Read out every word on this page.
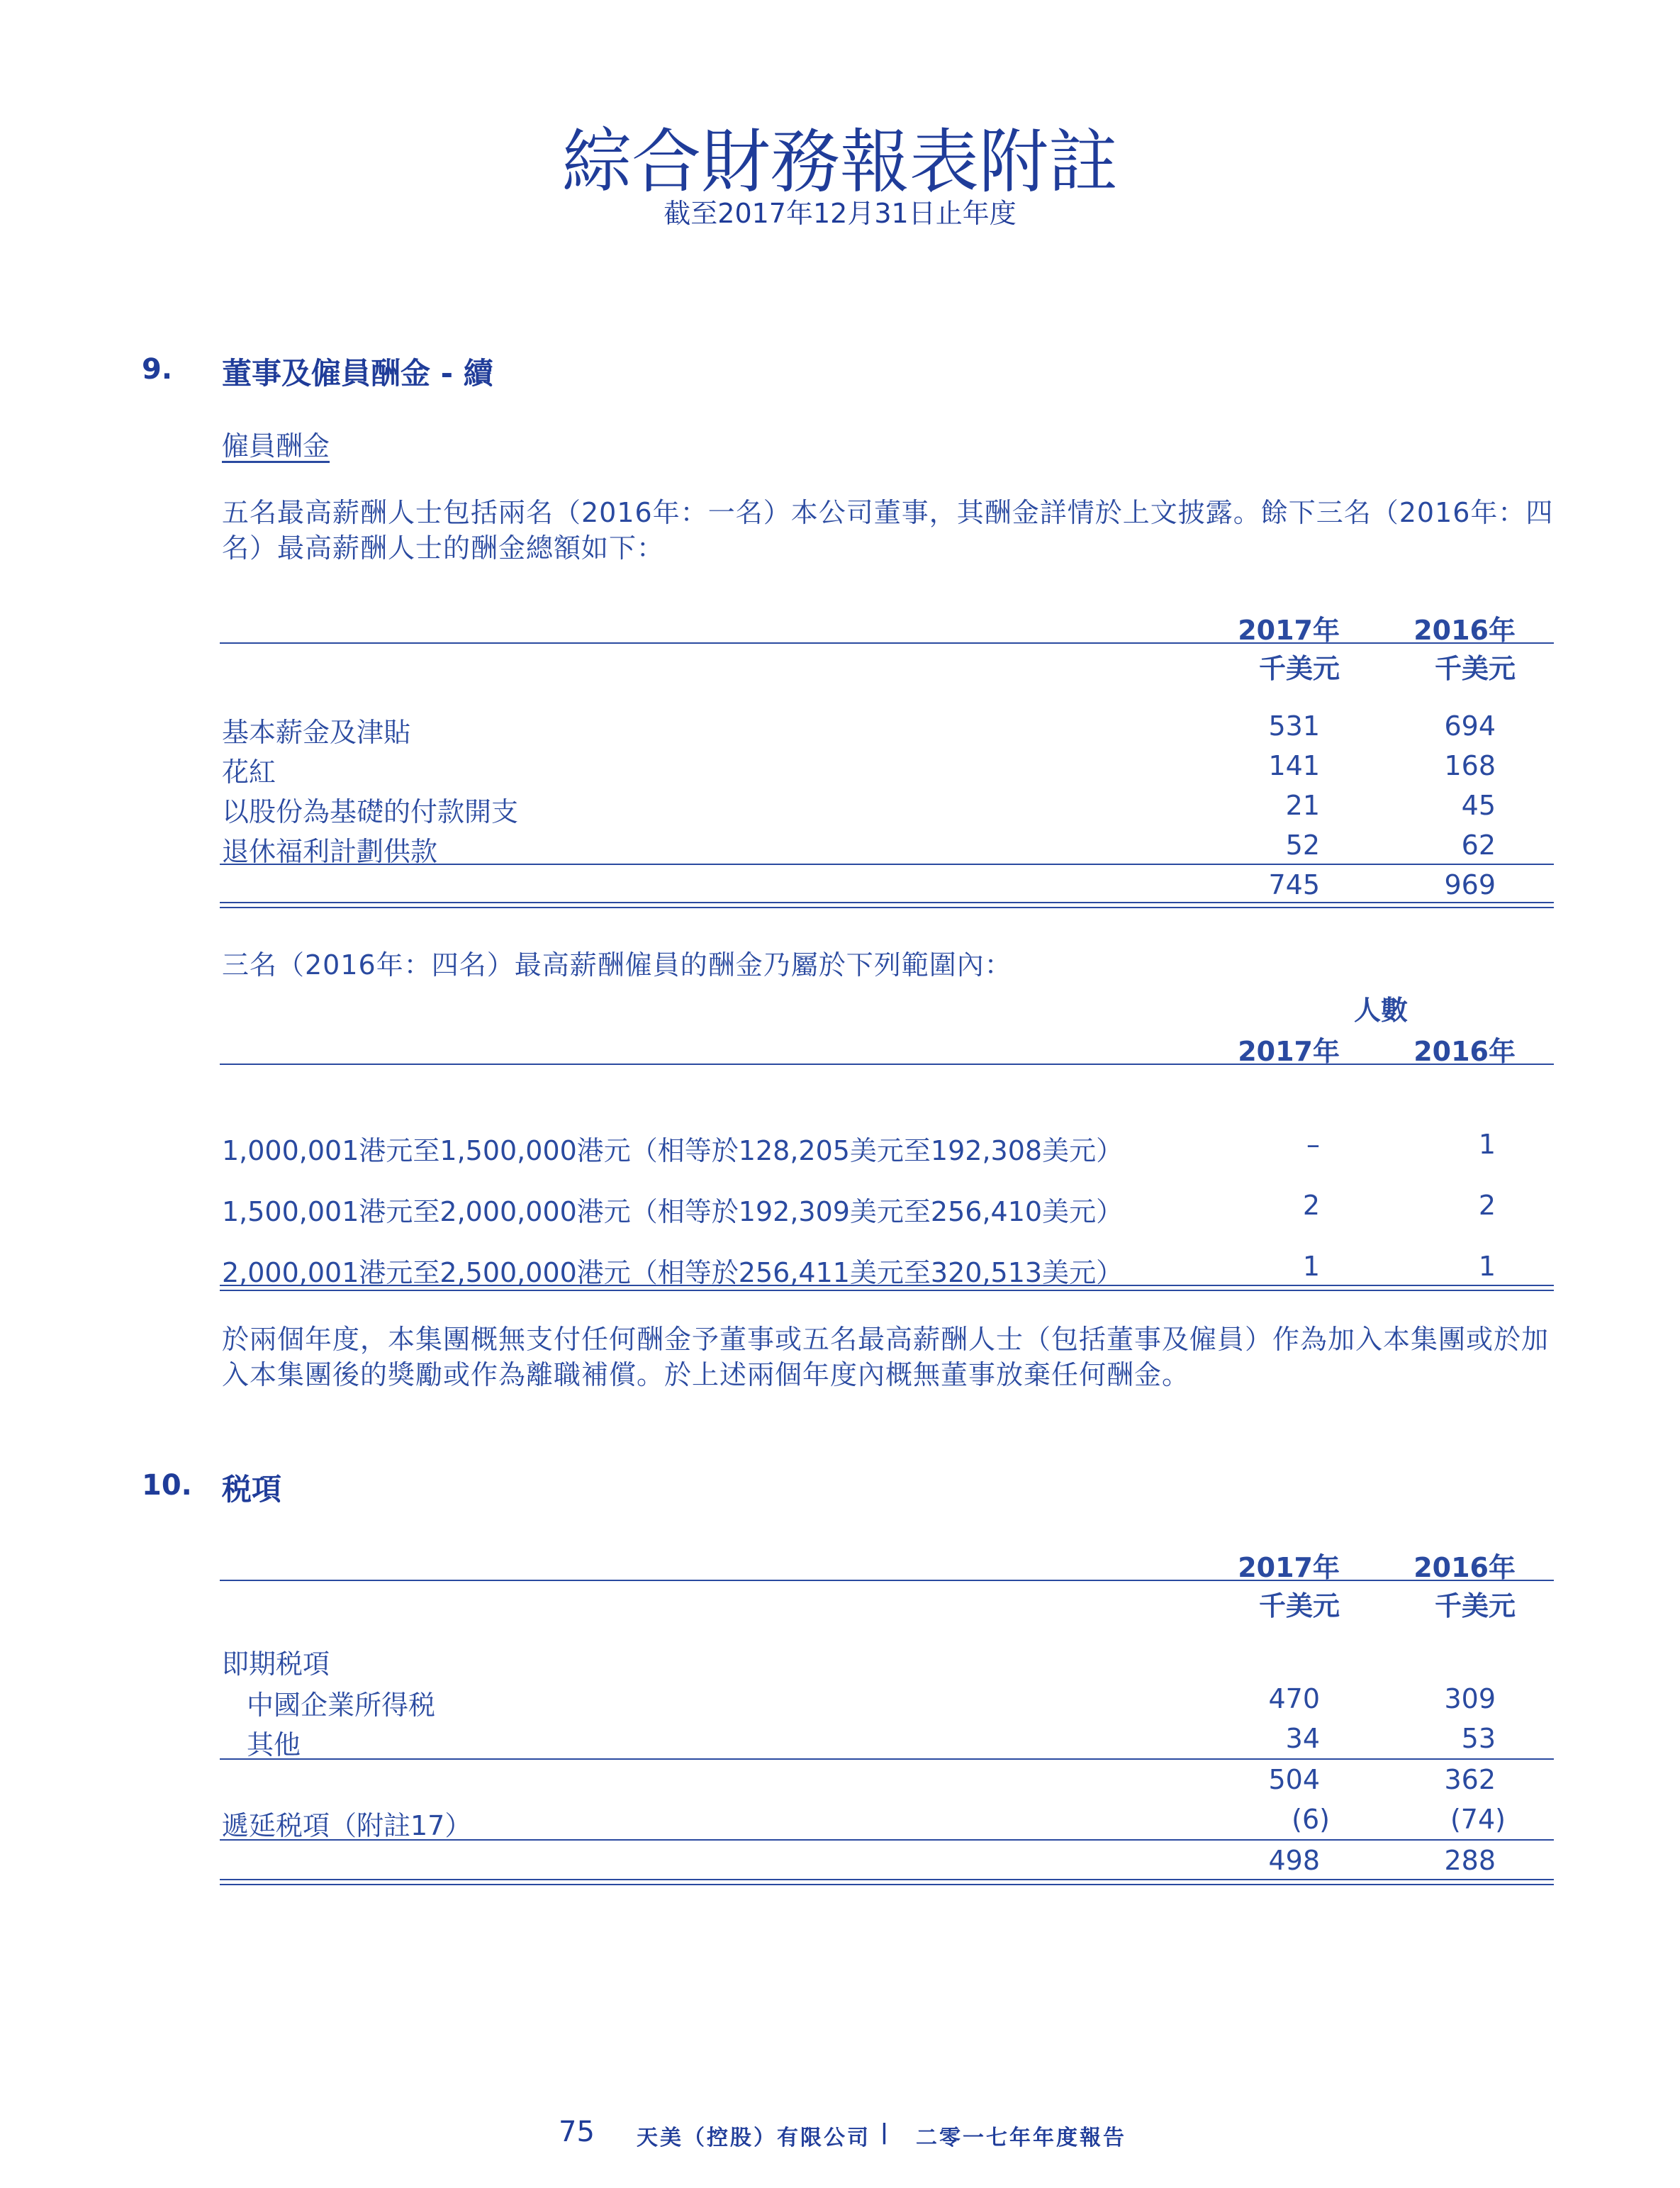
綜合財務報表附註
截至2017年12月31日止年度
9. 董事及僱員酬金 - 續
僱員酬金
五名最高薪酬人士包括兩名（2016年：一名）本公司董事，其酬金詳情於上文披露。餘下三名（2016年：四名）最高薪酬人士的酬金總額如下：
2017年	2016年
千美元	千美元
基本薪金及津貼	531	694
花紅	141	168
以股份為基礎的付款開支	21	45
退休福利計劃供款	52	62
745	969
三名（2016年：四名）最高薪酬僱員的酬金乃屬於下列範圍內：
人數
2017年	2016年
1,000,001港元至1,500,000港元（相等於128,205美元至192,308美元）	–	1
1,500,001港元至2,000,000港元（相等於192,309美元至256,410美元）	2	2
2,000,001港元至2,500,000港元（相等於256,411美元至320,513美元）	1	1
於兩個年度，本集團概無支付任何酬金予董事或五名最高薪酬人士（包括董事及僱員）作為加入本集團或於加入本集團後的獎勵或作為離職補償。於上述兩個年度內概無董事放棄任何酬金。
10. 税項
2017年	2016年
千美元	千美元
即期税項
中國企業所得税	470	309
其他	34	53
504	362
遞延税項（附註17）	(6)	(74)
498	288
75 天美（控股）有限公司 | 二零一七年年度報告
